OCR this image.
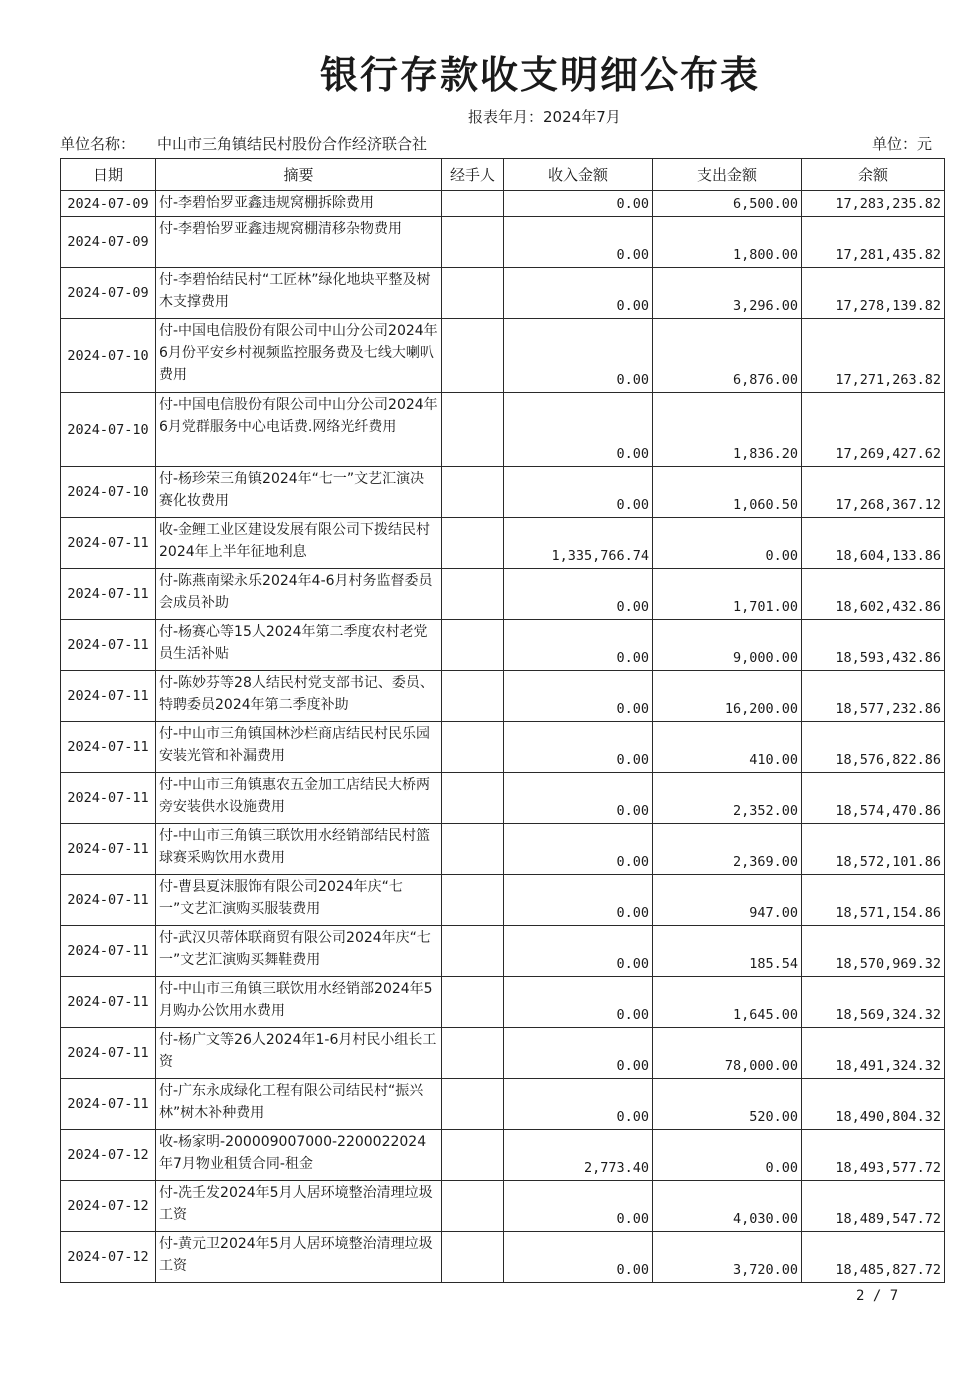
银行存款收支明细公布表
报表年月：2024年7月
单位名称： 中山市三角镇结民村股份合作经济联合社	单位：元
日期	摘要	经手人	收入金额	支出金额	余额
2024-07-09	付-李碧怡罗亚鑫违规窝棚拆除费用		0.00	6,500.00	17,283,235.82
2024-07-09	付-李碧怡罗亚鑫违规窝棚清移杂物费用		0.00	1,800.00	17,281,435.82
2024-07-09	付-李碧怡结民村“工匠林”绿化地块平整及树木支撑费用		0.00	3,296.00	17,278,139.82
2024-07-10	付-中国电信股份有限公司中山分公司2024年6月份平安乡村视频监控服务费及七线大喇叭费用		0.00	6,876.00	17,271,263.82
2024-07-10	付-中国电信股份有限公司中山分公司2024年6月党群服务中心电话费.网络光纤费用		0.00	1,836.20	17,269,427.62
2024-07-10	付-杨珍荣三角镇2024年“七一”文艺汇演决赛化妆费用		0.00	1,060.50	17,268,367.12
2024-07-11	收-金鲤工业区建设发展有限公司下拨结民村2024年上半年征地利息		1,335,766.74	0.00	18,604,133.86
2024-07-11	付-陈燕南梁永乐2024年4-6月村务监督委员会成员补助		0.00	1,701.00	18,602,432.86
2024-07-11	付-杨赛心等15人2024年第二季度农村老党员生活补贴		0.00	9,000.00	18,593,432.86
2024-07-11	付-陈妙芬等28人结民村党支部书记、委员、特聘委员2024年第二季度补助		0.00	16,200.00	18,577,232.86
2024-07-11	付-中山市三角镇国林沙栏商店结民村民乐园安装光管和补漏费用		0.00	410.00	18,576,822.86
2024-07-11	付-中山市三角镇惠农五金加工店结民大桥两旁安装供水设施费用		0.00	2,352.00	18,574,470.86
2024-07-11	付-中山市三角镇三联饮用水经销部结民村篮球赛采购饮用水费用		0.00	2,369.00	18,572,101.86
2024-07-11	付-曹县夏沫服饰有限公司2024年庆“七一”文艺汇演购买服装费用		0.00	947.00	18,571,154.86
2024-07-11	付-武汉贝蒂体联商贸有限公司2024年庆“七一”文艺汇演购买舞鞋费用		0.00	185.54	18,570,969.32
2024-07-11	付-中山市三角镇三联饮用水经销部2024年5月购办公饮用水费用		0.00	1,645.00	18,569,324.32
2024-07-11	付-杨广文等26人2024年1-6月村民小组长工资		0.00	78,000.00	18,491,324.32
2024-07-11	付-广东永成绿化工程有限公司结民村“振兴林”树木补种费用		0.00	520.00	18,490,804.32
2024-07-12	收-杨家明-200009007000-2200022024年7月物业租赁合同-租金		2,773.40	0.00	18,493,577.72
2024-07-12	付-冼壬发2024年5月人居环境整治清理垃圾工资		0.00	4,030.00	18,489,547.72
2024-07-12	付-黄元卫2024年5月人居环境整治清理垃圾工资		0.00	3,720.00	18,485,827.72
2 / 7
